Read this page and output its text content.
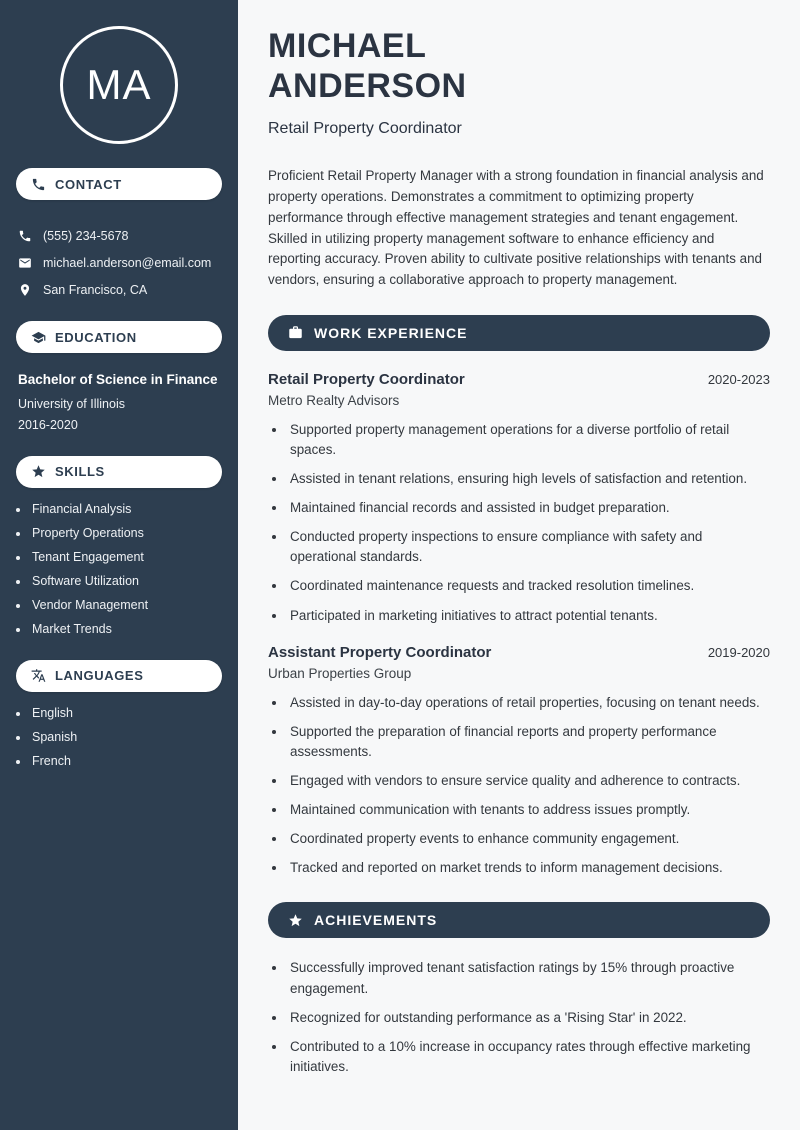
MA
CONTACT
(555) 234-5678
michael.anderson@email.com
San Francisco, CA
EDUCATION
Bachelor of Science in Finance
University of Illinois
2016-2020
SKILLS
• Financial Analysis
• Property Operations
• Tenant Engagement
• Software Utilization
• Vendor Management
• Market Trends
LANGUAGES
• English
• Spanish
• French
MICHAEL ANDERSON
Retail Property Coordinator

Proficient Retail Property Manager with a strong foundation in financial analysis and property operations. Demonstrates a commitment to optimizing property performance through effective management strategies and tenant engagement. Skilled in utilizing property management software to enhance efficiency and reporting accuracy. Proven ability to cultivate positive relationships with tenants and vendors, ensuring a collaborative approach to property management.

WORK EXPERIENCE
Retail Property Coordinator	2020-2023
Metro Realty Advisors
• Supported property management operations for a diverse portfolio of retail spaces.
• Assisted in tenant relations, ensuring high levels of satisfaction and retention.
• Maintained financial records and assisted in budget preparation.
• Conducted property inspections to ensure compliance with safety and operational standards.
• Coordinated maintenance requests and tracked resolution timelines.
• Participated in marketing initiatives to attract potential tenants.
Assistant Property Coordinator	2019-2020
Urban Properties Group
• Assisted in day-to-day operations of retail properties, focusing on tenant needs.
• Supported the preparation of financial reports and property performance assessments.
• Engaged with vendors to ensure service quality and adherence to contracts.
• Maintained communication with tenants to address issues promptly.
• Coordinated property events to enhance community engagement.
• Tracked and reported on market trends to inform management decisions.
ACHIEVEMENTS
• Successfully improved tenant satisfaction ratings by 15% through proactive engagement.
• Recognized for outstanding performance as a 'Rising Star' in 2022.
• Contributed to a 10% increase in occupancy rates through effective marketing initiatives.
